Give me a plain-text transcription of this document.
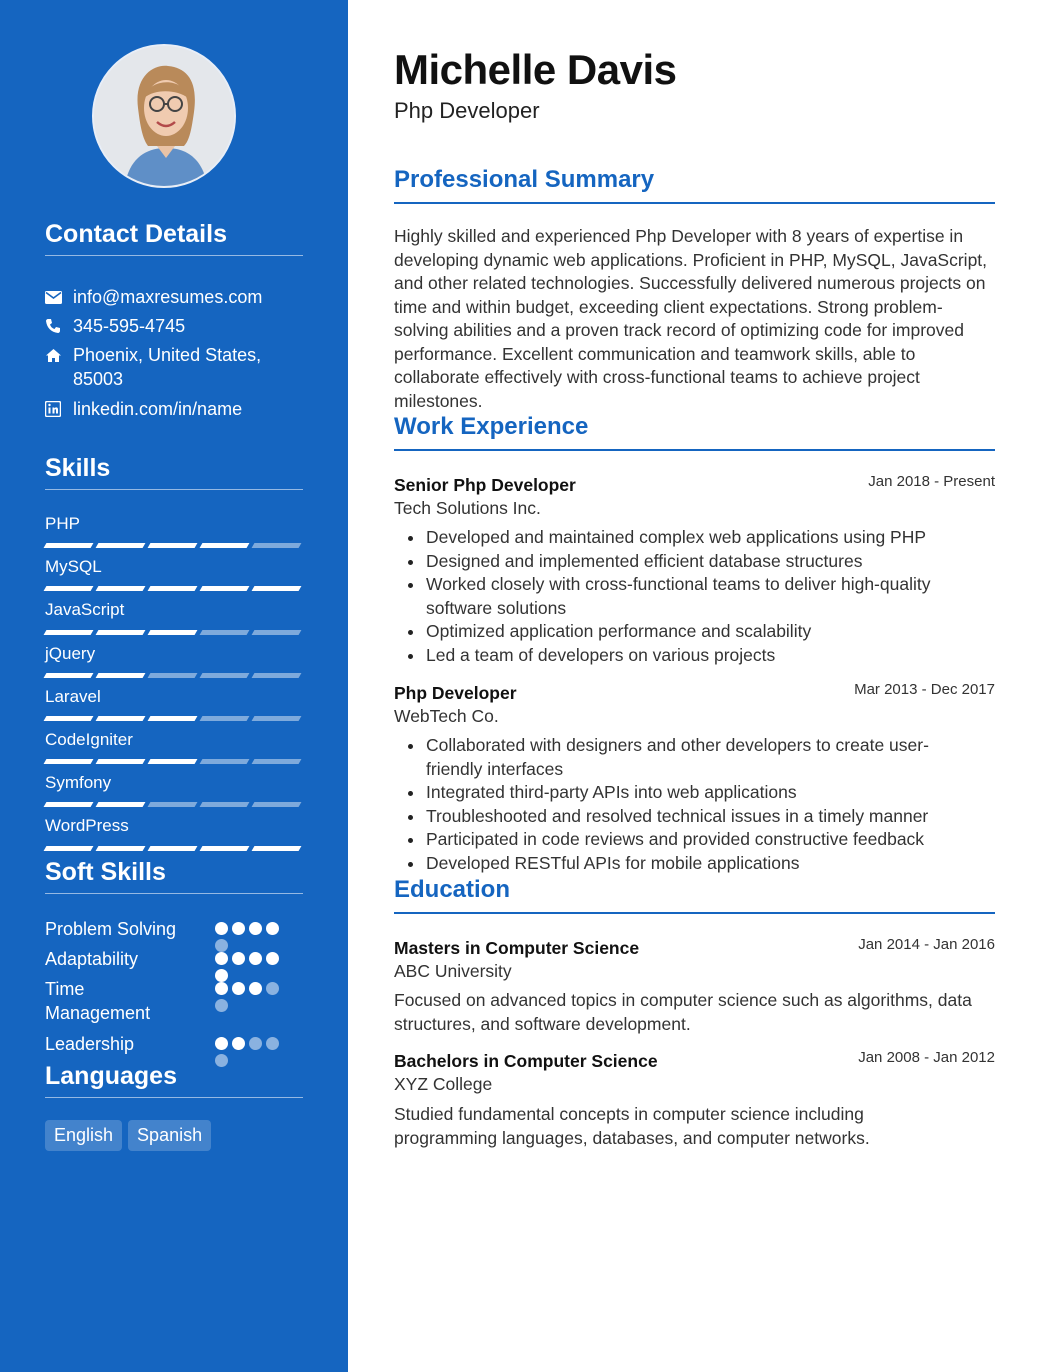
Contact Details
info@maxresumes.com
345-595-4745
Phoenix, United States, 85003
linkedin.com/in/name
Skills
PHP
MySQL
JavaScript
jQuery
Laravel
CodeIgniter
Symfony
WordPress
Soft Skills
Problem Solving
Adaptability
Time Management
Leadership
Languages
English	Spanish
Michelle Davis
Php Developer
Professional Summary
Highly skilled and experienced Php Developer with 8 years of expertise in developing dynamic web applications. Proficient in PHP, MySQL, JavaScript, and other related technologies. Successfully delivered numerous projects on time and within budget, exceeding client expectations. Strong problem-solving abilities and a proven track record of optimizing code for improved performance. Excellent communication and teamwork skills, able to collaborate effectively with cross-functional teams to achieve project milestones.
Work Experience
Senior Php Developer	Jan 2018 - Present
Tech Solutions Inc.
Developed and maintained complex web applications using PHP
Designed and implemented efficient database structures
Worked closely with cross-functional teams to deliver high-quality software solutions
Optimized application performance and scalability
Led a team of developers on various projects
Php Developer	Mar 2013 - Dec 2017
WebTech Co.
Collaborated with designers and other developers to create user-friendly interfaces
Integrated third-party APIs into web applications
Troubleshooted and resolved technical issues in a timely manner
Participated in code reviews and provided constructive feedback
Developed RESTful APIs for mobile applications
Education
Masters in Computer Science	Jan 2014 - Jan 2016
ABC University
Focused on advanced topics in computer science such as algorithms, data structures, and software development.
Bachelors in Computer Science	Jan 2008 - Jan 2012
XYZ College
Studied fundamental concepts in computer science including programming languages, databases, and computer networks.
